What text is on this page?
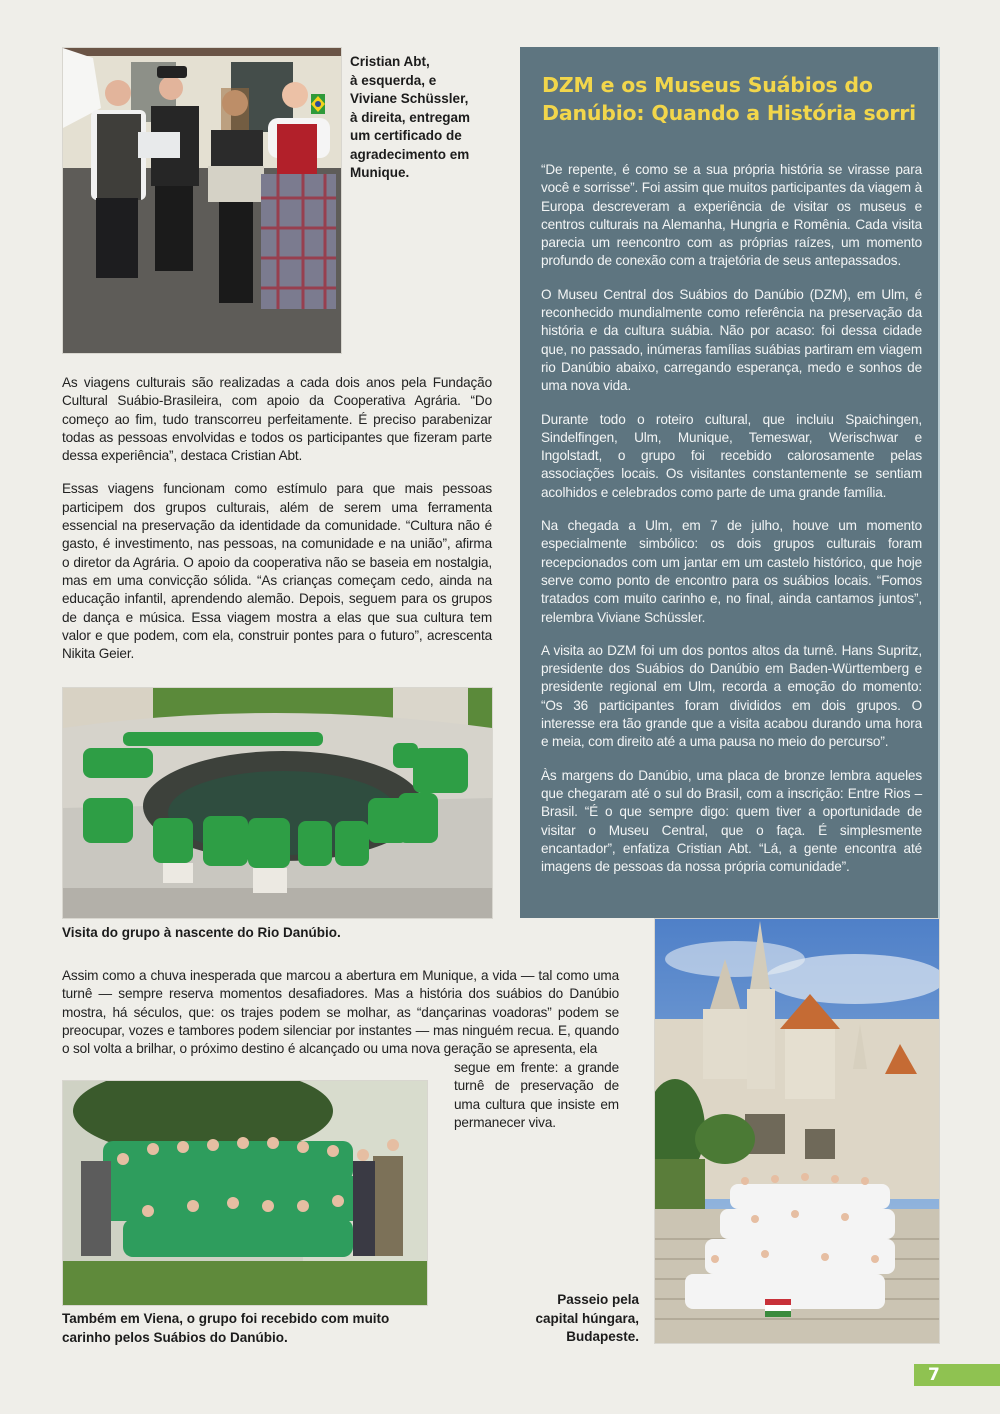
Cristian Abt,
à esquerda, e
Viviane Schüssler,
à direita, entregam
um certificado de
agradecimento em
Munique.

As viagens culturais são realizadas a cada dois anos pela Fundação Cultural Suábio-Brasileira, com apoio da Cooperativa Agrária. “Do começo ao fim, tudo transcorreu perfeitamente. É preciso parabenizar todas as pessoas envolvidas e todos os participantes que fizeram parte dessa experiência”, destaca Cristian Abt.

Essas viagens funcionam como estímulo para que mais pessoas participem dos grupos culturais, além de serem uma ferramenta essencial na preservação da identidade da comunidade. “Cultura não é gasto, é investimento, nas pessoas, na comunidade e na união”, afirma o diretor da Agrária. O apoio da cooperativa não se baseia em nostalgia, mas em uma convicção sólida. “As crianças começam cedo, ainda na educação infantil, aprendendo alemão. Depois, seguem para os grupos de dança e música. Essa viagem mostra a elas que sua cultura tem valor e que podem, com ela, construir pontes para o futuro”, acrescenta Nikita Geier.

Visita do grupo à nascente do Rio Danúbio.
Assim como a chuva inesperada que marcou a abertura em Munique, a vida — tal como uma turnê — sempre reserva momentos desafiadores. Mas a história dos suábios do Danúbio mostra, há séculos, que: os trajes podem se molhar, as “dançarinas voadoras” podem se preocupar, vozes e tambores podem silenciar por instantes — mas ninguém recua. E, quando o sol volta a brilhar, o próximo destino é alcançado ou uma nova geração se apresenta, ela
segue em frente: a grande turnê de preservação de uma cultura que insiste em permanecer viva.
Também em Viena, o grupo foi recebido com muito
carinho pelos Suábios do Danúbio.
DZM e os Museus Suábios do
Danúbio: Quando a História sorri

“De repente, é como se a sua própria história se virasse para você e sorrisse”. Foi assim que muitos participantes da viagem à Europa descreveram a experiência de visitar os museus e centros culturais na Alemanha, Hungria e Romênia. Cada visita parecia um reencontro com as próprias raízes, um momento profundo de conexão com a trajetória de seus antepassados.

O Museu Central dos Suábios do Danúbio (DZM), em Ulm, é reconhecido mundialmente como referência na preservação da história e da cultura suábia. Não por acaso: foi dessa cidade que, no passado, inúmeras famílias suábias partiram em viagem rio Danúbio abaixo, carregando esperança, medo e sonhos de uma nova vida.

Durante todo o roteiro cultural, que incluiu Spaichingen, Sindelfingen, Ulm, Munique, Temeswar, Werischwar e Ingolstadt, o grupo foi recebido calorosamente pelas associações locais. Os visitantes constantemente se sentiam acolhidos e celebrados como parte de uma grande família.

Na chegada a Ulm, em 7 de julho, houve um momento especialmente simbólico: os dois grupos culturais foram recepcionados com um jantar em um castelo histórico, que hoje serve como ponto de encontro para os suábios locais. “Fomos tratados com muito carinho e, no final, ainda cantamos juntos”, relembra Viviane Schüssler.

A visita ao DZM foi um dos pontos altos da turnê. Hans Supritz, presidente dos Suábios do Danúbio em Baden-Württemberg e presidente regional em Ulm, recorda a emoção do momento: “Os 36 participantes foram divididos em dois grupos. O interesse era tão grande que a visita acabou durando uma hora e meia, com direito até a uma pausa no meio do percurso”.

Às margens do Danúbio, uma placa de bronze lembra aqueles que chegaram até o sul do Brasil, com a inscrição: Entre Rios – Brasil. “É o que sempre digo: quem tiver a oportunidade de visitar o Museu Central, que o faça. É simplesmente encantador”, enfatiza Cristian Abt. “Lá, a gente encontra até imagens de pessoas da nossa própria comunidade”.

Passeio pela
capital húngara,
Budapeste.
7
